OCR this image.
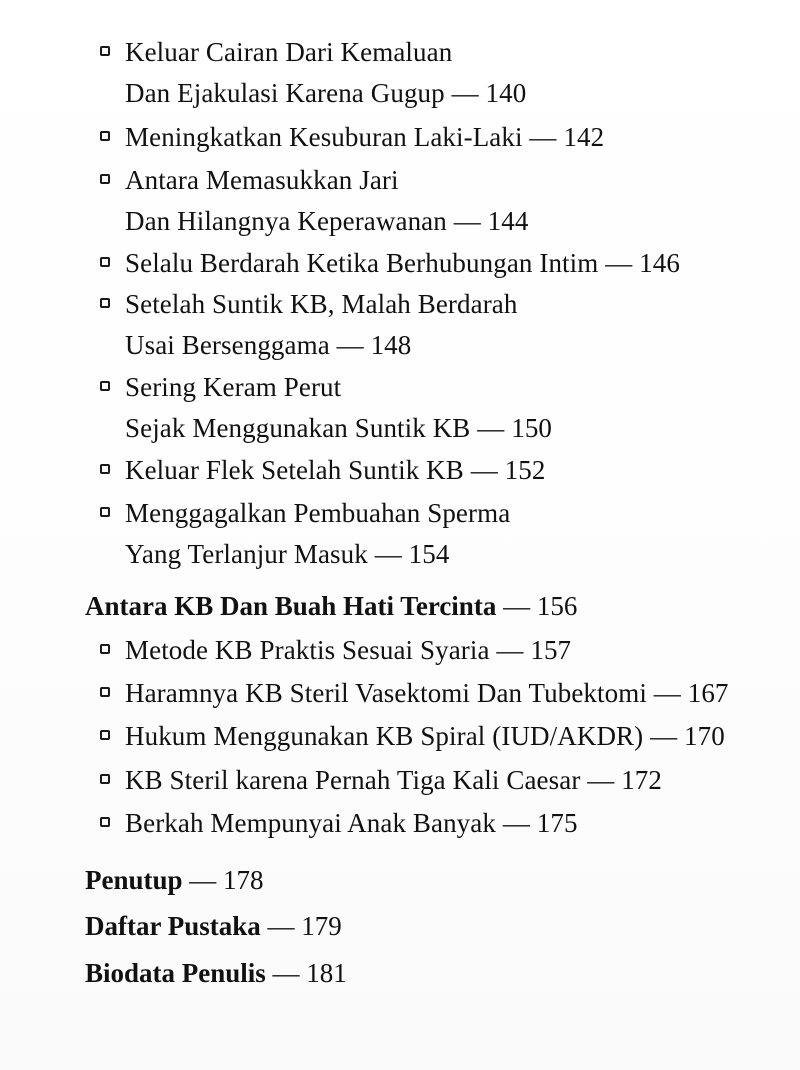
Keluar Cairan Dari Kemaluan
Dan Ejakulasi Karena Gugup — 140
Meningkatkan Kesuburan Laki-Laki — 142
Antara Memasukkan Jari
Dan Hilangnya Keperawanan — 144
Selalu Berdarah Ketika Berhubungan Intim — 146
Setelah Suntik KB, Malah Berdarah
Usai Bersenggama — 148
Sering Keram Perut
Sejak Menggunakan Suntik KB — 150
Keluar Flek Setelah Suntik KB — 152
Menggagalkan Pembuahan Sperma
Yang Terlanjur Masuk — 154
Antara KB Dan Buah Hati Tercinta — 156
Metode KB Praktis Sesuai Syaria — 157
Haramnya KB Steril Vasektomi Dan Tubektomi — 167
Hukum Menggunakan KB Spiral (IUD/AKDR) — 170
KB Steril karena Pernah Tiga Kali Caesar — 172
Berkah Mempunyai Anak Banyak — 175
Penutup — 178
Daftar Pustaka — 179
Biodata Penulis — 181
